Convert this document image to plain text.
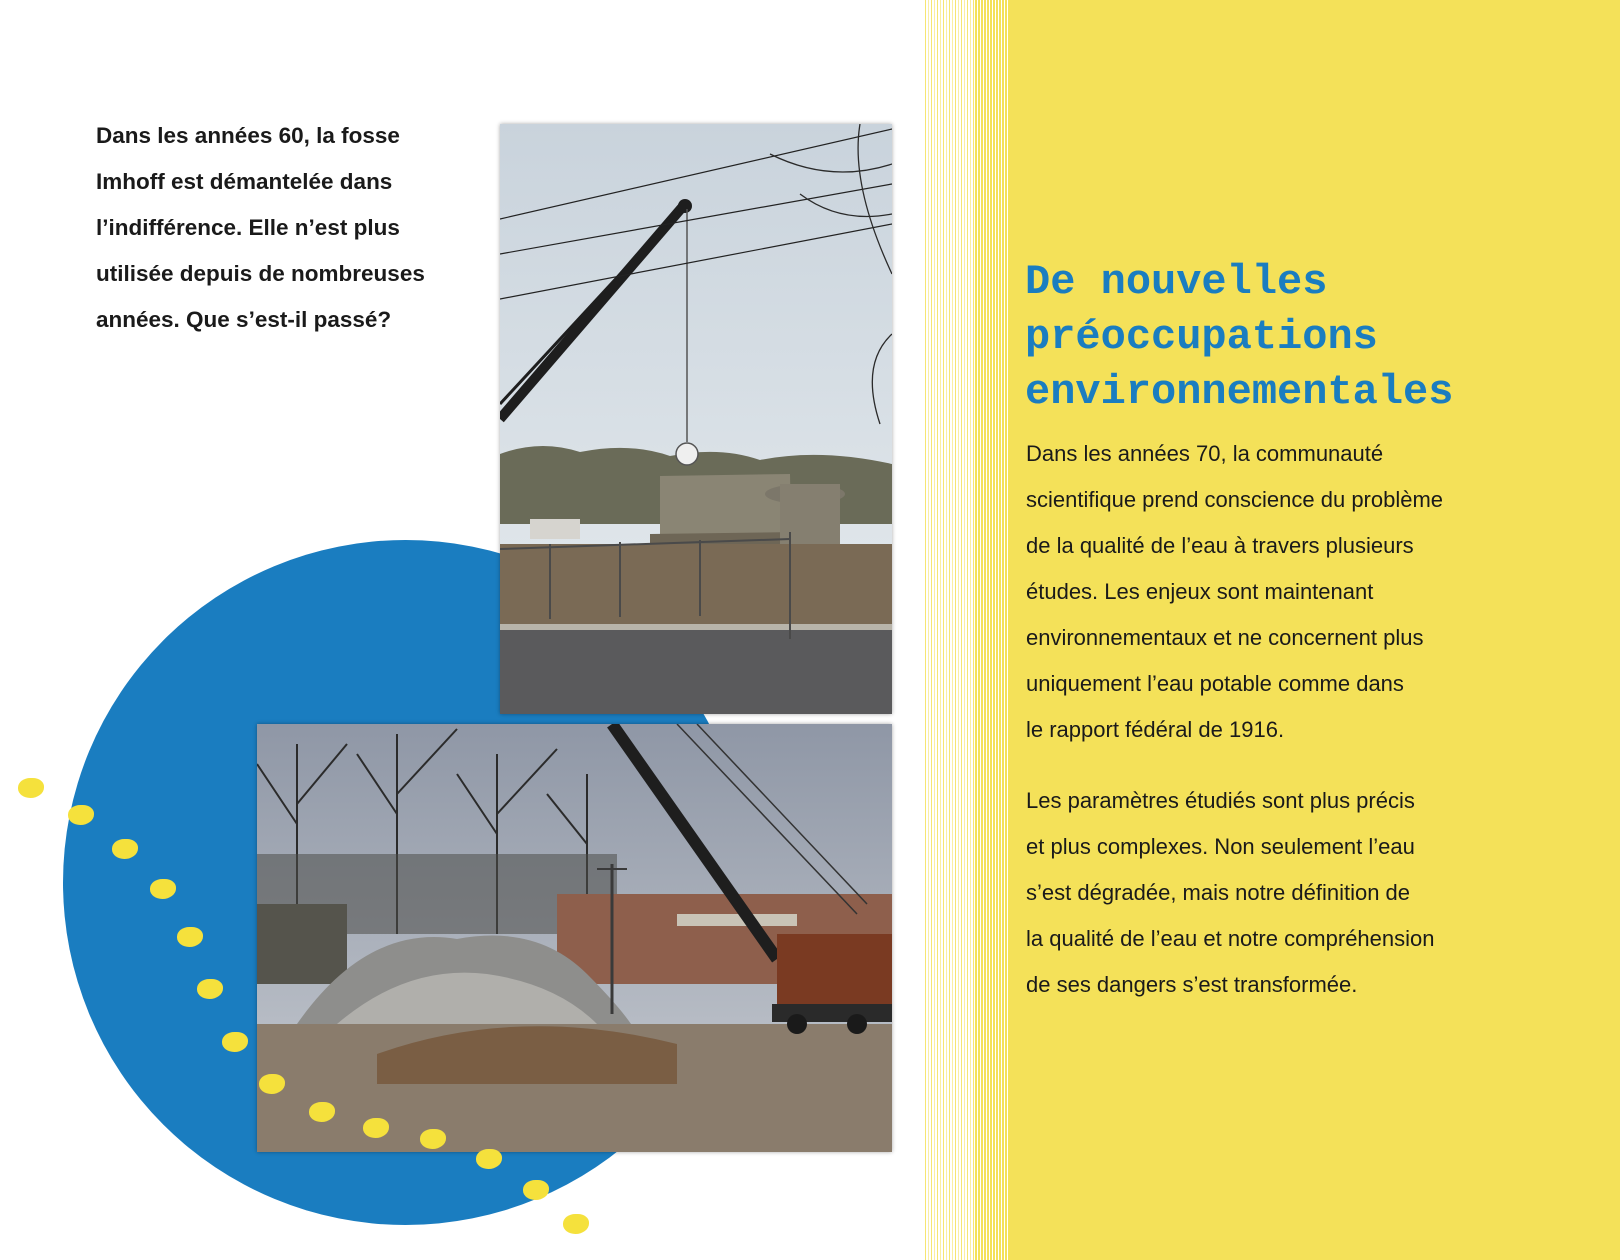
Dans les années 60, la fosse
Imhoff est démantelée dans
l’indifférence. Elle n’est plus
utilisée depuis de nombreuses
années. Que s’est-il passé?

De nouvelles
préoccupations
environnementales

Dans les années 70, la communauté
scientifique prend conscience du problème
de la qualité de l’eau à travers plusieurs
études. Les enjeux sont maintenant
environnementaux et ne concernent plus
uniquement l’eau potable comme dans
le rapport fédéral de 1916.

Les paramètres étudiés sont plus précis
et plus complexes. Non seulement l’eau
s’est dégradée, mais notre définition de
la qualité de l’eau et notre compréhension
de ses dangers s’est transformée.
